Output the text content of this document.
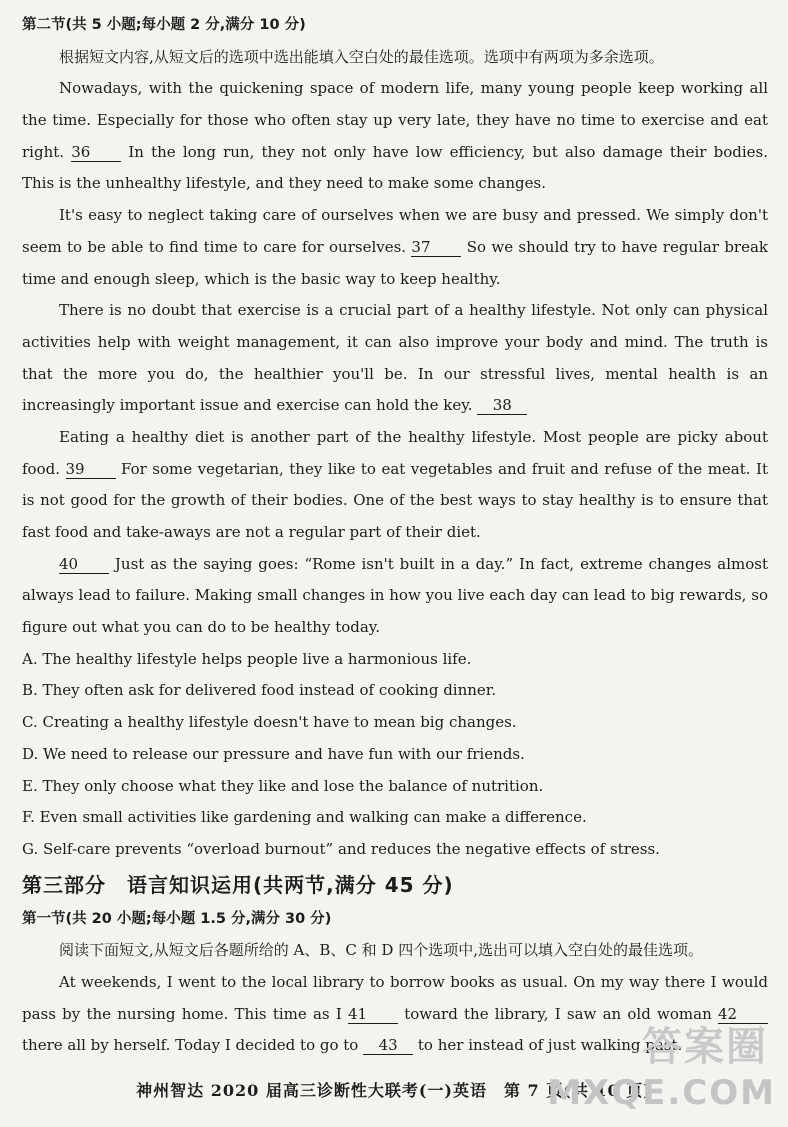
第二节(共 5 小题;每小题 2 分,满分 10 分)
根据短文内容,从短文后的选项中选出能填入空白处的最佳选项。选项中有两项为多余选项。
Nowadays, with the quickening space of modern life, many young people keep working all
the time. Especially for those who often stay up very late, they have no time to exercise and eat
right. 36	In the long run, they not only have low efficiency, but also damage their bodies.
This is the unhealthy lifestyle, and they need to make some changes.
It's easy to neglect taking care of ourselves when we are busy and pressed. We simply don't
seem to be able to find time to care for ourselves. 37 So we should try to have regular break
time and enough sleep, which is the basic way to keep healthy.
There is no doubt that exercise is a crucial part of a healthy lifestyle. Not only can physical
activities help with weight management, it can also improve your body and mind. The truth is
that the more you do, the healthier you'll be. In our stressful lives, mental health is an
increasingly important issue and exercise can hold the key. 38
Eating a healthy diet is another part of the healthy lifestyle. Most people are picky about
food. 39 For some vegetarian, they like to eat vegetables and fruit and refuse of the meat. It
is not good for the growth of their bodies. One of the best ways to stay healthy is to ensure that
fast food and take-aways are not a regular part of their diet.
40 Just as the saying goes: “Rome isn't built in a day.” In fact, extreme changes almost
always lead to failure. Making small changes in how you live each day can lead to big rewards, so
figure out what you can do to be healthy today.
A. The healthy lifestyle helps people live a harmonious life.
B. They often ask for delivered food instead of cooking dinner.
C. Creating a healthy lifestyle doesn't have to mean big changes.
D. We need to release our pressure and have fun with our friends.
E. They only choose what they like and lose the balance of nutrition.
F. Even small activities like gardening and walking can make a difference.
G. Self-care prevents “overload burnout” and reduces the negative effects of stress.
第三部分　语言知识运用(共两节,满分 45 分)
第一节(共 20 小题;每小题 1.5 分,满分 30 分)
阅读下面短文,从短文后各题所给的 A、B、C 和 D 四个选项中,选出可以填入空白处的最佳选项。
At weekends, I went to the local library to borrow books as usual. On my way there I would
pass by the nursing home. This time as I 41 toward the library, I saw an old woman 42
there all by herself. Today I decided to go to 43 to her instead of just walking past.
神州智达 2020 届高三诊断性大联考(一)英语　第 7 页(共 10 页)
答案圈
MXQE.COM
